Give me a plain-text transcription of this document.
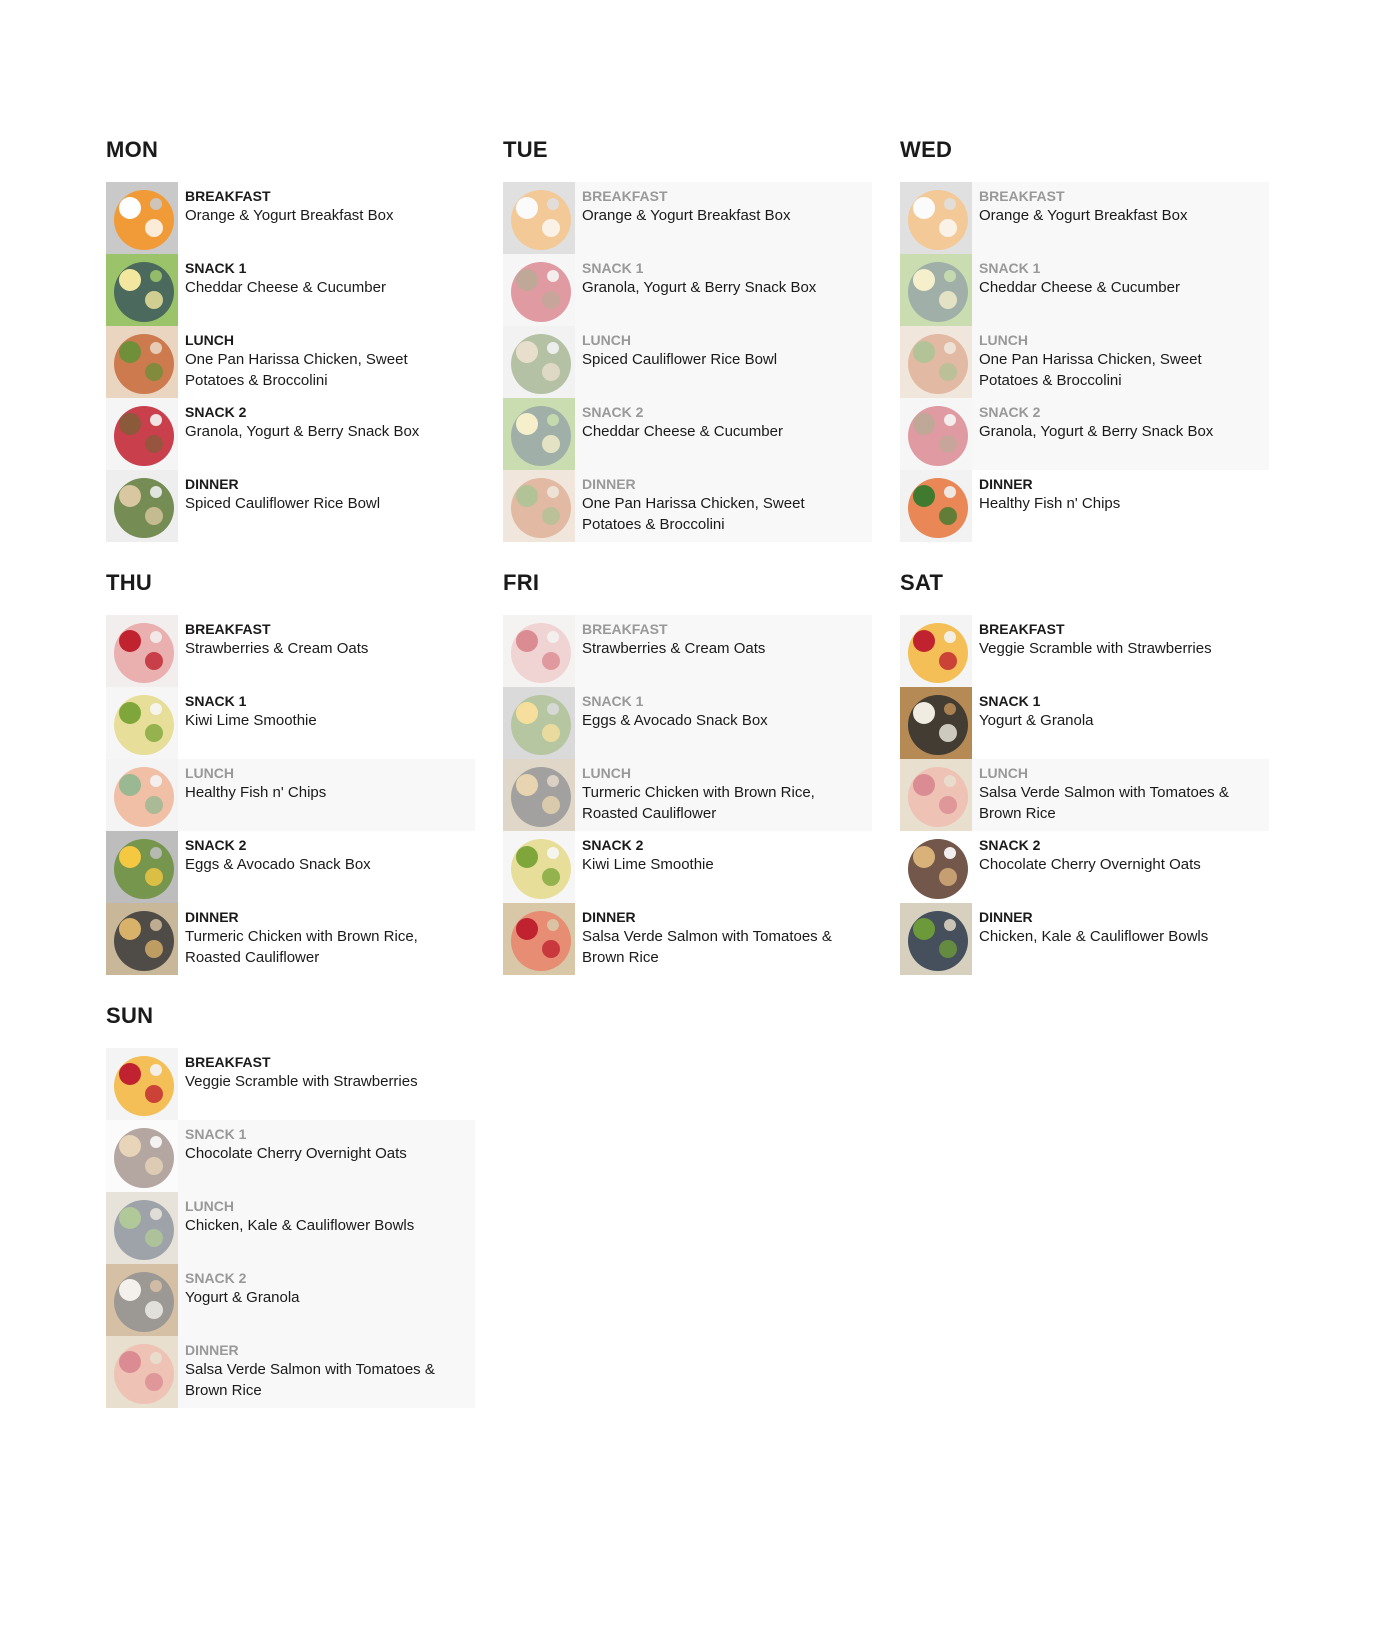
MON
BREAKFAST
Orange & Yogurt Breakfast Box
SNACK 1
Cheddar Cheese & Cucumber
LUNCH
One Pan Harissa Chicken, Sweet Potatoes & Broccolini
SNACK 2
Granola, Yogurt & Berry Snack Box
DINNER
Spiced Cauliflower Rice Bowl
TUE
BREAKFAST
Orange & Yogurt Breakfast Box
SNACK 1
Granola, Yogurt & Berry Snack Box
LUNCH
Spiced Cauliflower Rice Bowl
SNACK 2
Cheddar Cheese & Cucumber
DINNER
One Pan Harissa Chicken, Sweet Potatoes & Broccolini
WED
BREAKFAST
Orange & Yogurt Breakfast Box
SNACK 1
Cheddar Cheese & Cucumber
LUNCH
One Pan Harissa Chicken, Sweet Potatoes & Broccolini
SNACK 2
Granola, Yogurt & Berry Snack Box
DINNER
Healthy Fish n' Chips
THU
BREAKFAST
Strawberries & Cream Oats
SNACK 1
Kiwi Lime Smoothie
LUNCH
Healthy Fish n' Chips
SNACK 2
Eggs & Avocado Snack Box
DINNER
Turmeric Chicken with Brown Rice, Roasted Cauliflower
FRI
BREAKFAST
Strawberries & Cream Oats
SNACK 1
Eggs & Avocado Snack Box
LUNCH
Turmeric Chicken with Brown Rice, Roasted Cauliflower
SNACK 2
Kiwi Lime Smoothie
DINNER
Salsa Verde Salmon with Tomatoes & Brown Rice
SAT
BREAKFAST
Veggie Scramble with Strawberries
SNACK 1
Yogurt & Granola
LUNCH
Salsa Verde Salmon with Tomatoes & Brown Rice
SNACK 2
Chocolate Cherry Overnight Oats
DINNER
Chicken, Kale & Cauliflower Bowls
SUN
BREAKFAST
Veggie Scramble with Strawberries
SNACK 1
Chocolate Cherry Overnight Oats
LUNCH
Chicken, Kale & Cauliflower Bowls
SNACK 2
Yogurt & Granola
DINNER
Salsa Verde Salmon with Tomatoes & Brown Rice
